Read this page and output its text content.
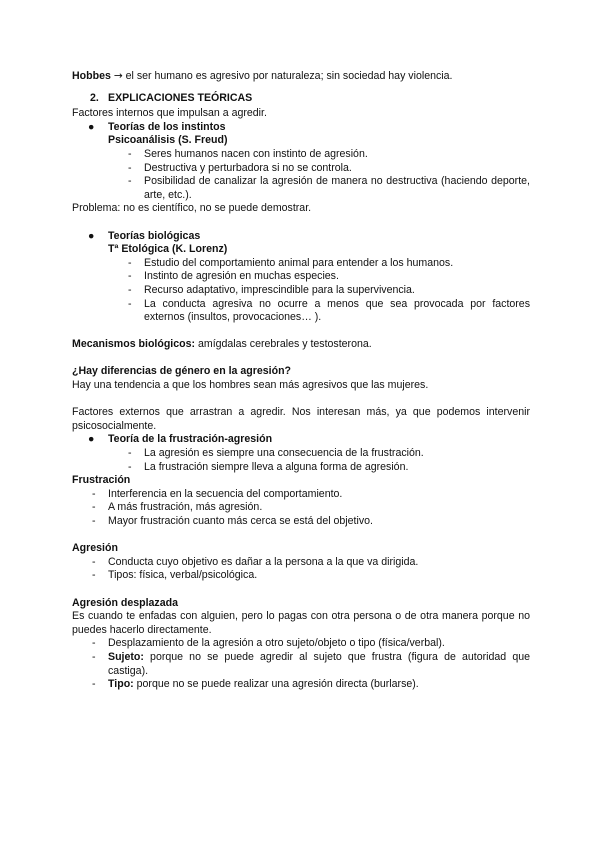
Hobbes → el ser humano es agresivo por naturaleza; sin sociedad hay violencia.

2. EXPLICACIONES TEÓRICAS

Factores internos que impulsan a agredir.

● Teorías de los instintos

Psicoanálisis (S. Freud)

- Seres humanos nacen con instinto de agresión.
- Destructiva y perturbadora si no se controla.
- Posibilidad de canalizar la agresión de manera no destructiva (haciendo deporte, arte, etc.).

Problema: no es científico, no se puede demostrar.

● Teorías biológicas

Tª Etológica (K. Lorenz)

- Estudio del comportamiento animal para entender a los humanos.
- Instinto de agresión en muchas especies.
- Recurso adaptativo, imprescindible para la supervivencia.
- La conducta agresiva no ocurre a menos que sea provocada por factores externos (insultos, provocaciones… ).

Mecanismos biológicos: amígdalas cerebrales y testosterona.

¿Hay diferencias de género en la agresión?

Hay una tendencia a que los hombres sean más agresivos que las mujeres.

Factores externos que arrastran a agredir. Nos interesan más, ya que podemos intervenir psicosocialmente.

● Teoría de la frustración-agresión

- La agresión es siempre una consecuencia de la frustración.
- La frustración siempre lleva a alguna forma de agresión.

Frustración

- Interferencia en la secuencia del comportamiento.
- A más frustración, más agresión.
- Mayor frustración cuanto más cerca se está del objetivo.

Agresión

- Conducta cuyo objetivo es dañar a la persona a la que va dirigida.
- Tipos: física, verbal/psicológica.

Agresión desplazada

Es cuando te enfadas con alguien, pero lo pagas con otra persona o de otra manera porque no puedes hacerlo directamente.

- Desplazamiento de la agresión a otro sujeto/objeto o tipo (física/verbal).
- Sujeto: porque no se puede agredir al sujeto que frustra (figura de autoridad que castiga).
- Tipo: porque no se puede realizar una agresión directa (burlarse).
